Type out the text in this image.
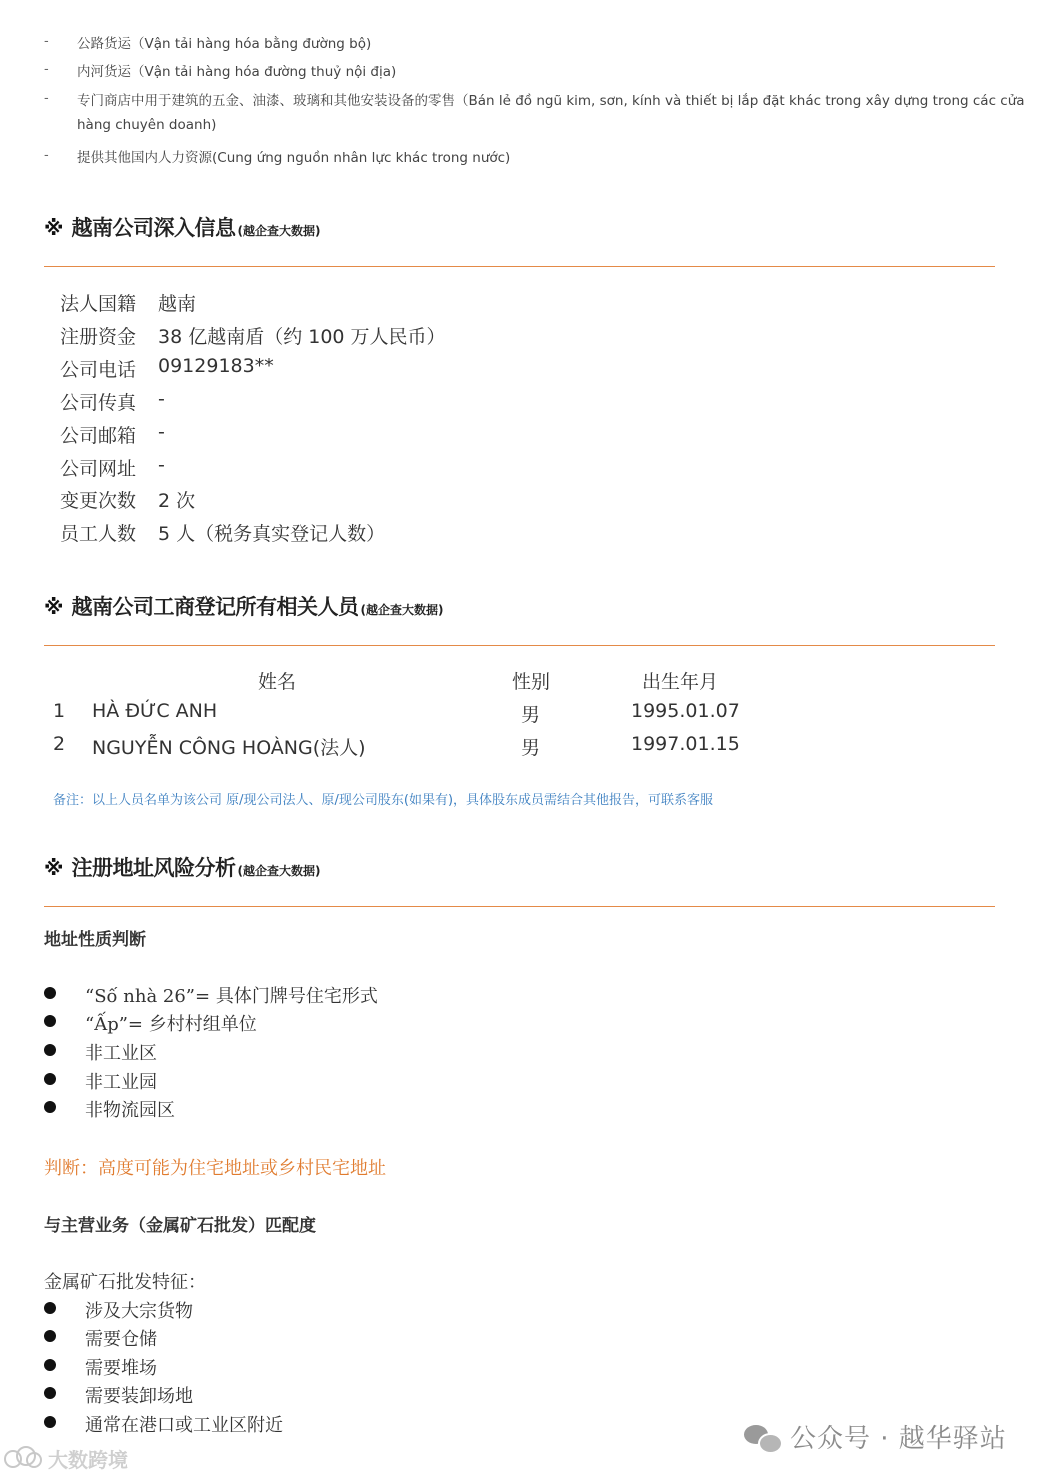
- 公路货运（Vận tải hàng hóa bằng đường bộ)
- 内河货运（Vận tải hàng hóa đường thuỷ nội địa)
- 专门商店中用于建筑的五金、油漆、玻璃和其他安装设备的零售（Bán lẻ đồ ngũ kim, sơn, kính và thiết bị lắp đặt khác trong xây dựng trong các cửa
hàng chuyên doanh)
- 提供其他国内人力资源(Cung ứng nguồn nhân lực khác trong nước)
※ 越南公司深入信息 (越企查大数据)
法人国籍 越南
注册资金 38 亿越南盾（约 100 万人民币）
公司电话 09129183**
公司传真 -
公司邮箱 -
公司网址 -
变更次数 2 次
员工人数 5 人（税务真实登记人数）
※ 越南公司工商登记所有相关人员 (越企查大数据)
姓名	性别	出生年月
1 HÀ ĐỨC ANH	男	1995.01.07
2 NGUYỄN CÔNG HOÀNG(法人)	男	1997.01.15
备注：以上人员名单为该公司 原/现公司法人、原/现公司股东(如果有)，具体股东成员需结合其他报告，可联系客服
※ 注册地址风险分析 (越企查大数据)
地址性质判断
“Số nhà 26”= 具体门牌号住宅形式
“Ấp”= 乡村村组单位
非工业区
非工业园
非物流园区
判断：高度可能为住宅地址或乡村民宅地址
与主营业务（金属矿石批发）匹配度
金属矿石批发特征：
涉及大宗货物
需要仓储
需要堆场
需要装卸场地
通常在港口或工业区附近	公众号 · 越华驿站
大数跨境
